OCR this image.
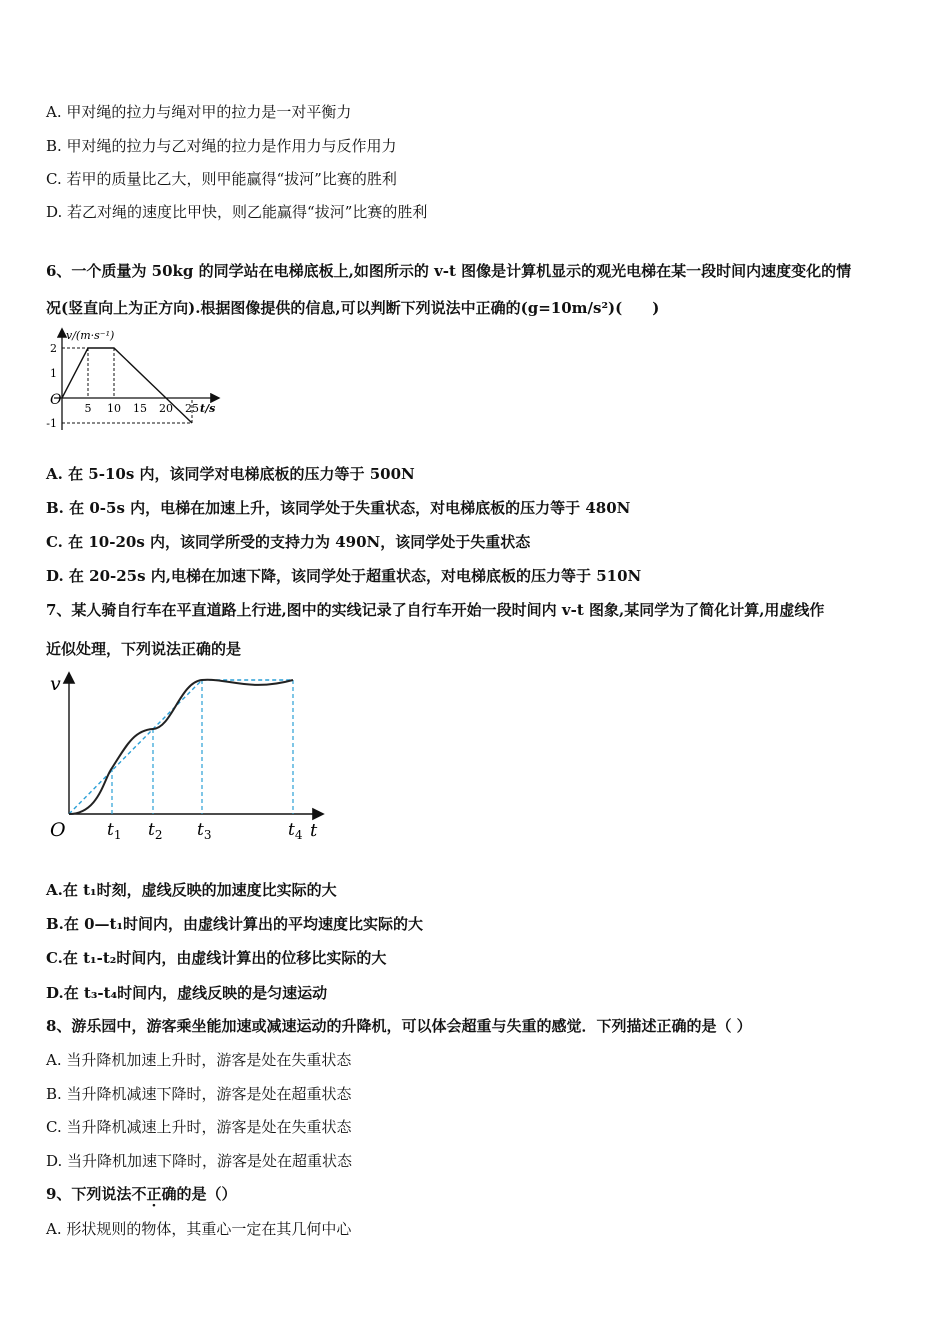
A. 甲对绳的拉力与绳对甲的拉力是一对平衡力
B. 甲对绳的拉力与乙对绳的拉力是作用力与反作用力
C. 若甲的质量比乙大，则甲能赢得“拔河”比赛的胜利
D. 若乙对绳的速度比甲快，则乙能赢得“拔河”比赛的胜利
6、一个质量为 50kg 的同学站在电梯底板上,如图所示的 v-t 图像是计算机显示的观光电梯在某一段时间内速度变化的情
况(竖直向上为正方向).根据图像提供的信息,可以判断下列说法中正确的(g=10m/s²)(　　)
O
v/(m·s⁻¹)
t/s
5 10 15 20 25
2
1
-1
A. 在 5-10s 内，该同学对电梯底板的压力等于 500N
B. 在 0-5s 内，电梯在加速上升，该同学处于失重状态，对电梯底板的压力等于 480N
C. 在 10-20s 内，该同学所受的支持力为 490N，该同学处于失重状态
D. 在 20-25s 内,电梯在加速下降，该同学处于超重状态，对电梯底板的压力等于 510N
7、某人骑自行车在平直道路上行进,图中的实线记录了自行车开始一段时间内 v-t 图象,某同学为了简化计算,用虚线作
近似处理，下列说法正确的是
O
v
t
$t_1$ $t_2$ $t_3$	$t_4$
A.在 t₁时刻，虚线反映的加速度比实际的大
B.在 0—t₁时间内，由虚线计算出的平均速度比实际的大
C.在 t₁-t₂时间内，由虚线计算出的位移比实际的大
D.在 t₃-t₄时间内，虚线反映的是匀速运动
8、游乐园中，游客乘坐能加速或减速运动的升降机，可以体会超重与失重的感觉．下列描述正确的是（ ）
A. 当升降机加速上升时，游客是处在失重状态
B. 当升降机减速下降时，游客是处在超重状态
C. 当升降机减速上升时，游客是处在失重状态
D. 当升降机加速下降时，游客是处在超重状态
9、下列说法不正确的是（）
A. 形状规则的物体，其重心一定在其几何中心
